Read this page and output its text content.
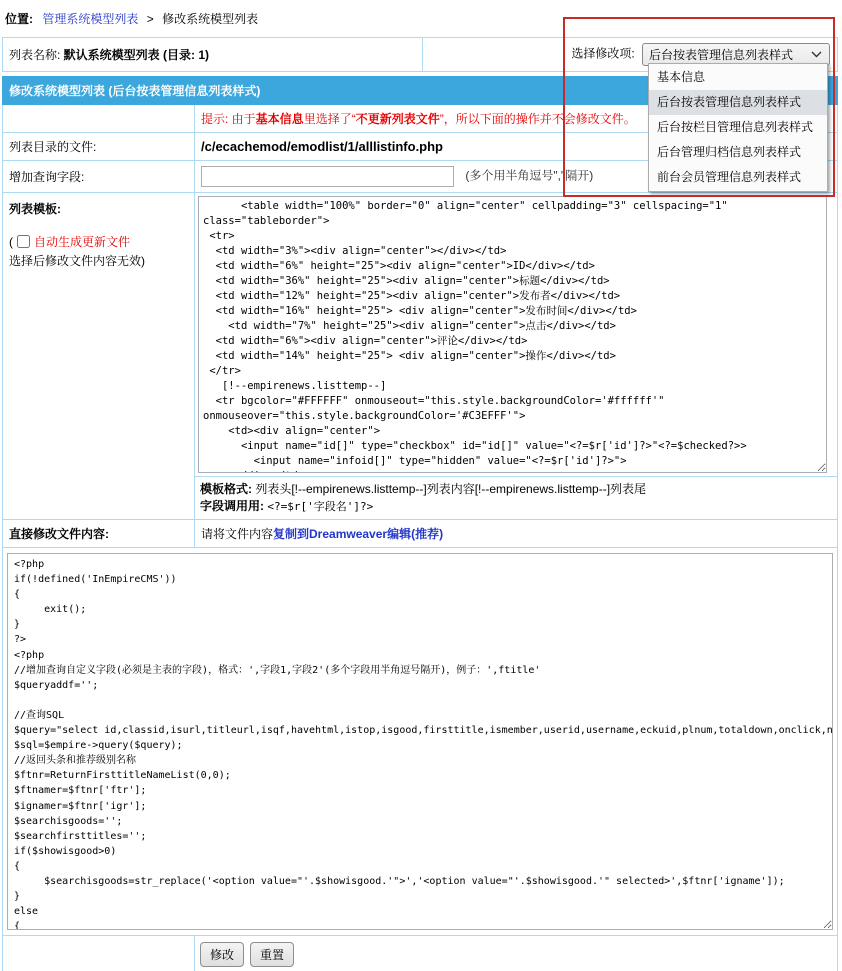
位置: 管理系统模型列表 > 修改系统模型列表
列表名称: 默认系统模型列表 (目录: 1)	选择修改项: 后台按表管理信息列表样式
修改系统模型列表 (后台按表管理信息列表样式)	
	提示: 由于基本信息里选择了“不更新列表文件”，所以下面的操作并不会修改文件。
列表目录的文件:	/c/ecachemod/emodlist/1/alllistinfo.php
增加查询字段:	(多个用半角逗号","隔开)

列表模板:
( 自动生成更新文件
选择后修改文件内容无效)

<table width="100%" border="0" align="center" cellpadding="3" cellspacing="1" class="tableborder"> <tr> <td width="3%"><div align="center"></div></td> <td width="6%" height="25"><div align="center">ID</div></td> <td width="36%" height="25"><div align="center">标题</div></td> <td width="12%" height="25"><div align="center">发布者</div></td> <td width="16%" height="25"> <div align="center">发布时间</div></td> <td width="7%" height="25"><div align="center">点击</div></td> <td width="6%"><div align="center">评论</div></td> <td width="14%" height="25"> <div align="center">操作</div></td> </tr> [!--empirenews.listtemp--] <tr bgcolor="#FFFFFF" onmouseout="this.style.backgroundColor='#ffffff'" onmouseover="this.style.backgroundColor='#C3EFFF'"> <td><div align="center"> <input name="id[]" type="checkbox" id="id[]" value="<?=$r['id']?>"<?=$checked?>> <input name="infoid[]" type="hidden" value="<?=$r['id']?>"> </div></td> <td height="12"> <div align="center">
	模板格式: 列表头[!--empirenews.listtemp--]列表内容[!--empirenews.listtemp--]列表尾
字段调用用: <?=$r['字段名']?>
直接修改文件内容:	请将文件内容复制到Dreamweaver编辑(推荐)

<?php if(!defined('InEmpireCMS')) { exit(); } ?> <?php //增加查询自定义字段(必须是主表的字段)，格式：',字段1,字段2'(多个字段用半角逗号隔开)，例子：',ftitle' $queryaddf=''; //查询SQL $query="select id,classid,isurl,titleurl,isqf,havehtml,istop,isgood,firsttitle,ismember,userid,username,eckuid,plnum,totaldown,onclick,newstime,truetime $sql=$empire->query($query); //返回头条和推荐级别名称 $ftnr=ReturnFirsttitleNameList(0,0); $ftnamer=$ftnr['ftr']; $ignamer=$ftnr['igr']; $searchisgoods=''; $searchfirsttitles=''; if($showisgood>0) { $searchisgoods=str_replace('<option value="'.$showisgood.'">','<option value="'.$showisgood.'" selected>',$ftnr['igname']); } else {
	修改 重置
基本信息
后台按表管理信息列表样式
后台按栏目管理信息列表样式
后台管理归档信息列表样式
前台会员管理信息列表样式
